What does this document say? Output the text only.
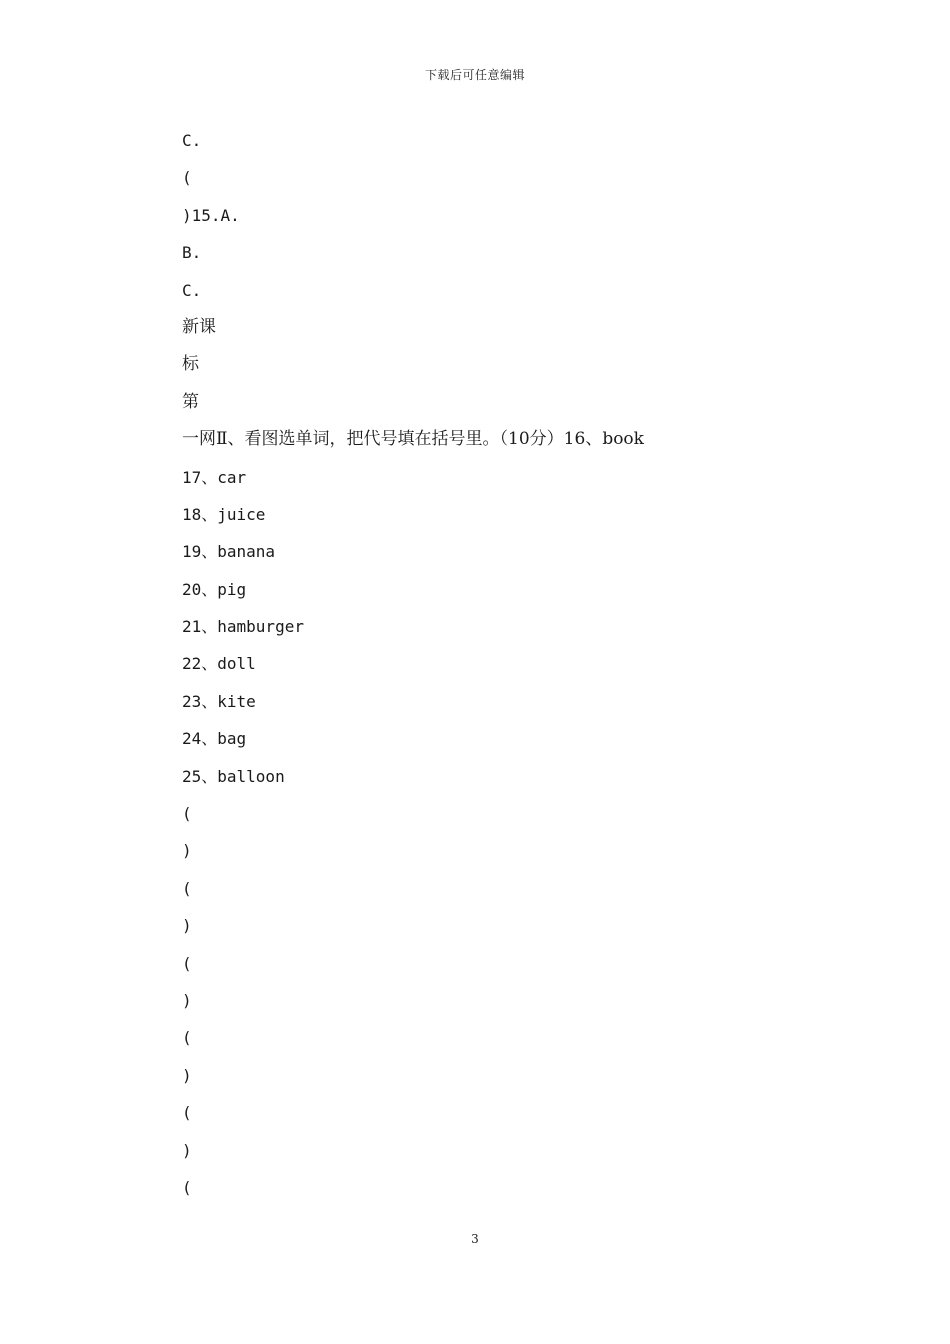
下载后可任意编辑
C.
(
)15.A.
B.
C.
新课
标
第
一网Ⅱ、看图选单词，把代号填在括号里。（10分）16、book
17、car
18、juice
19、banana
20、pig
21、hamburger
22、doll
23、kite
24、bag
25、balloon
(
)
(
)
(
)
(
)
(
)
(
3
